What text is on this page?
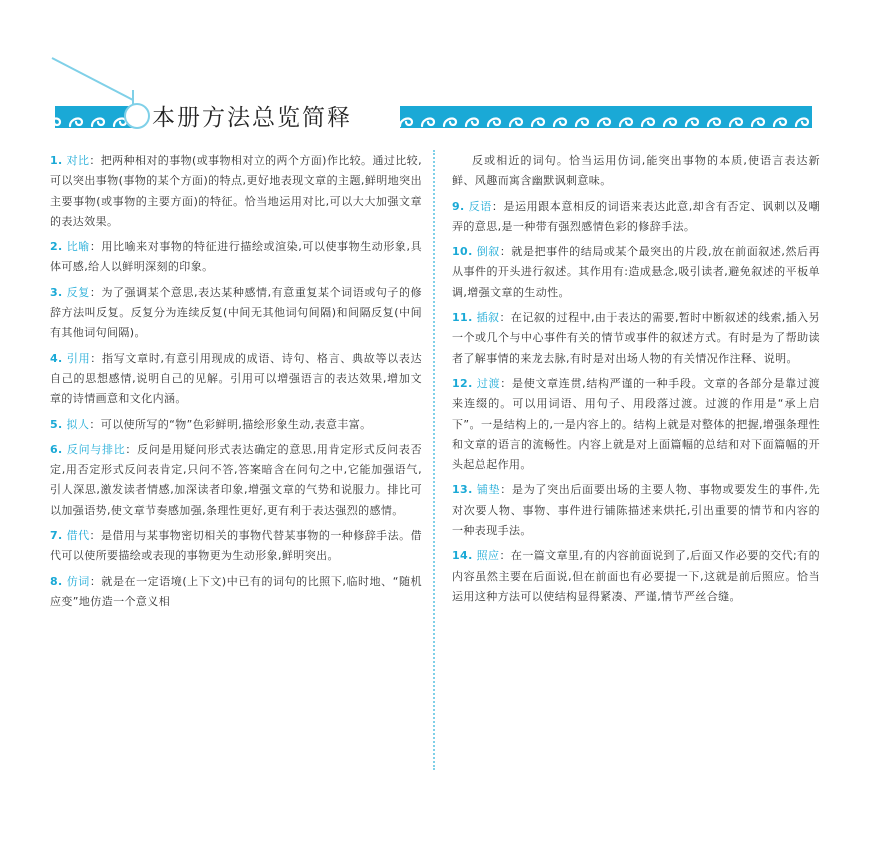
本册方法总览简释
1. 对比：把两种相对的事物(或事物相对立的两个方面)作比较。通过比较,可以突出事物(事物的某个方面)的特点,更好地表现文章的主题,鲜明地突出主要事物(或事物的主要方面)的特征。恰当地运用对比,可以大大加强文章的表达效果。
2. 比喻：用比喻来对事物的特征进行描绘或渲染,可以使事物生动形象,具体可感,给人以鲜明深刻的印象。
3. 反复：为了强调某个意思,表达某种感情,有意重复某个词语或句子的修辞方法叫反复。反复分为连续反复(中间无其他词句间隔)和间隔反复(中间有其他词句间隔)。
4. 引用：指写文章时,有意引用现成的成语、诗句、格言、典故等以表达自己的思想感情,说明自己的见解。引用可以增强语言的表达效果,增加文章的诗情画意和文化内涵。
5. 拟人：可以使所写的“物”色彩鲜明,描绘形象生动,表意丰富。
6. 反问与排比：反问是用疑问形式表达确定的意思,用肯定形式反问表否定,用否定形式反问表肯定,只问不答,答案暗含在问句之中,它能加强语气,引人深思,激发读者情感,加深读者印象,增强文章的气势和说服力。排比可以加强语势,使文章节奏感加强,条理性更好,更有利于表达强烈的感情。
7. 借代：是借用与某事物密切相关的事物代替某事物的一种修辞手法。借代可以使所要描绘或表现的事物更为生动形象,鲜明突出。
8. 仿词：就是在一定语境(上下文)中已有的词句的比照下,临时地、“随机应变”地仿造一个意义相
反或相近的词句。恰当运用仿词,能突出事物的本质,使语言表达新鲜、风趣而寓含幽默讽刺意味。
9. 反语：是运用跟本意相反的词语来表达此意,却含有否定、讽刺以及嘲弄的意思,是一种带有强烈感情色彩的修辞手法。
10. 倒叙：就是把事件的结局或某个最突出的片段,放在前面叙述,然后再从事件的开头进行叙述。其作用有:造成悬念,吸引读者,避免叙述的平板单调,增强文章的生动性。
11. 插叙：在记叙的过程中,由于表达的需要,暂时中断叙述的线索,插入另一个或几个与中心事件有关的情节或事件的叙述方式。有时是为了帮助读者了解事情的来龙去脉,有时是对出场人物的有关情况作注释、说明。
12. 过渡：是使文章连贯,结构严谨的一种手段。文章的各部分是靠过渡来连缀的。可以用词语、用句子、用段落过渡。过渡的作用是“承上启下”。一是结构上的,一是内容上的。结构上就是对整体的把握,增强条理性和文章的语言的流畅性。内容上就是对上面篇幅的总结和对下面篇幅的开头起总起作用。
13. 铺垫：是为了突出后面要出场的主要人物、事物或要发生的事件,先对次要人物、事物、事件进行铺陈描述来烘托,引出重要的情节和内容的一种表现手法。
14. 照应：在一篇文章里,有的内容前面说到了,后面又作必要的交代;有的内容虽然主要在后面说,但在前面也有必要提一下,这就是前后照应。恰当运用这种方法可以使结构显得紧凑、严谨,情节严丝合缝。
